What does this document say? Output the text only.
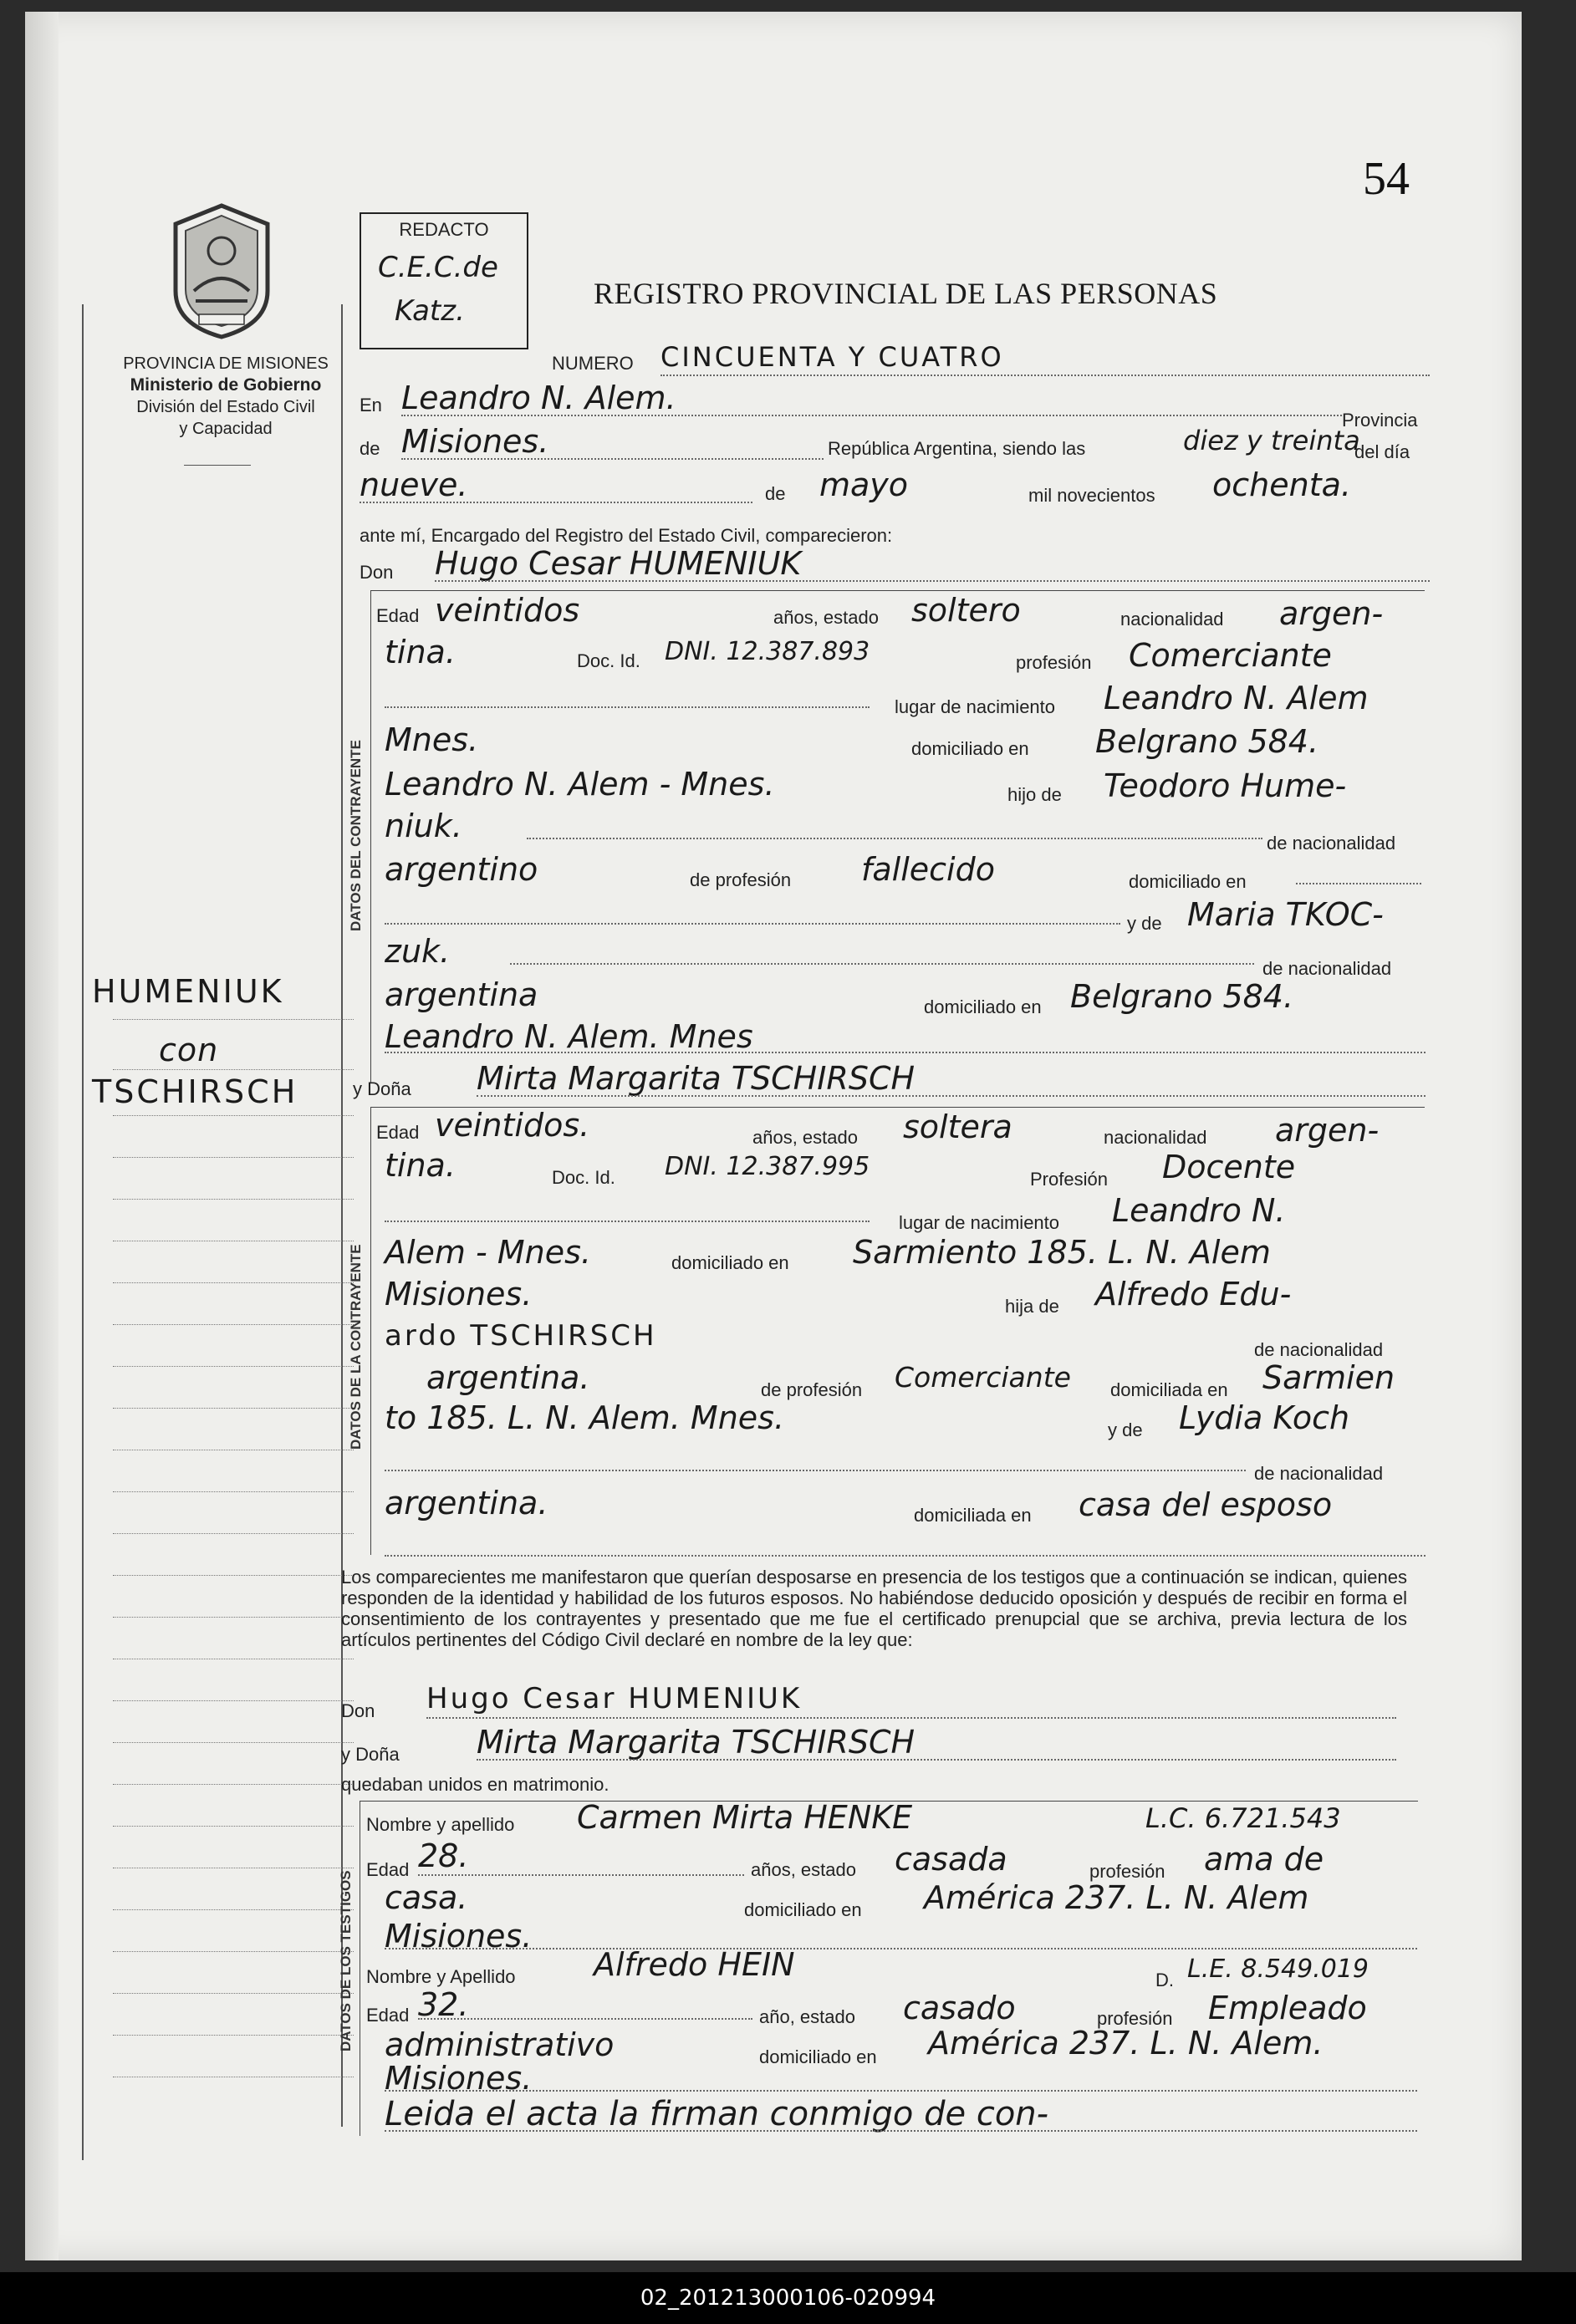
54
PROVINCIA DE MISIONES
Ministerio de Gobierno
División del Estado Civil
y Capacidad
REDACTO
C.E.C.de
Katz.
REGISTRO PROVINCIAL DE LAS PERSONAS
HUMENIUK
con
TSCHIRSCH
DATOS DEL CONTRAYENTE
DATOS DE LA CONTRAYENTE
DATOS DE LOS TESTIGOS
NUMERO CINCUENTA Y CUATRO
En Leandro N. Alem.
Provincia
de Misiones.	República Argentina, siendo las	diez y treinta
del día
nueve.	de mayo	mil novecientos ochenta.
ante mí, Encargado del Registro del Estado Civil, comparecieron:
Don Hugo Cesar HUMENIUK
Edad veintidos	años, estado soltero	nacionalidad argen-
tina.	Doc. Id. DNI. 12.387.893	profesión Comerciante
lugar de nacimiento Leandro N. Alem
Mnes.	domiciliado en Belgrano 584.
Leandro N. Alem - Mnes.	hijo de Teodoro Hume-
niuk.	de nacionalidad
argentino	de profesión fallecido	domiciliado en
y de Maria TKOC-
zuk.	de nacionalidad
argentina	domiciliado en Belgrano 584.
Leandro N. Alem. Mnes
y Doña Mirta Margarita TSCHIRSCH
Edad veintidos.	años, estado soltera	nacionalidad argen-
tina.	Doc. Id. DNI. 12.387.995	Profesión Docente
lugar de nacimiento Leandro N.
Alem - Mnes.	domiciliado en Sarmiento 185. L. N. Alem
Misiones.	hija de Alfredo Edu-
ardo TSCHIRSCH	de nacionalidad
argentina.	de profesión Comerciante domiciliada en Sarmien
to 185. L. N. Alem. Mnes.	y de Lydia Koch
de nacionalidad
argentina.	domiciliada en casa del esposo
Los comparecientes me manifestaron que querían desposarse en presencia de los testigos que a continuación se indican, quienes responden de la identidad y habilidad de los futuros esposos. No habiéndose deducido oposición y después de recibir en forma el consentimiento de los contrayentes y presentado que me fue el certificado prenupcial que se archiva, previa lectura de los artículos pertinentes del Código Civil declaré en nombre de la ley que:
Don Hugo Cesar HUMENIUK
y Doña Mirta Margarita TSCHIRSCH
quedaban unidos en matrimonio.
Nombre y apellido Carmen Mirta HENKE	L.C. 6.721.543
Edad 28.	años, estado casada	profesión ama de
casa.	domiciliado en América 237. L. N. Alem
Misiones.
Nombre y Apellido Alfredo HEIN	D. L.E. 8.549.019
Edad 32.	año, estado casado	profesión Empleado
administrativo	domiciliado en América 237. L. N. Alem.
Misiones.
Leida el acta la firman conmigo de con-
02_201213000106-020994
